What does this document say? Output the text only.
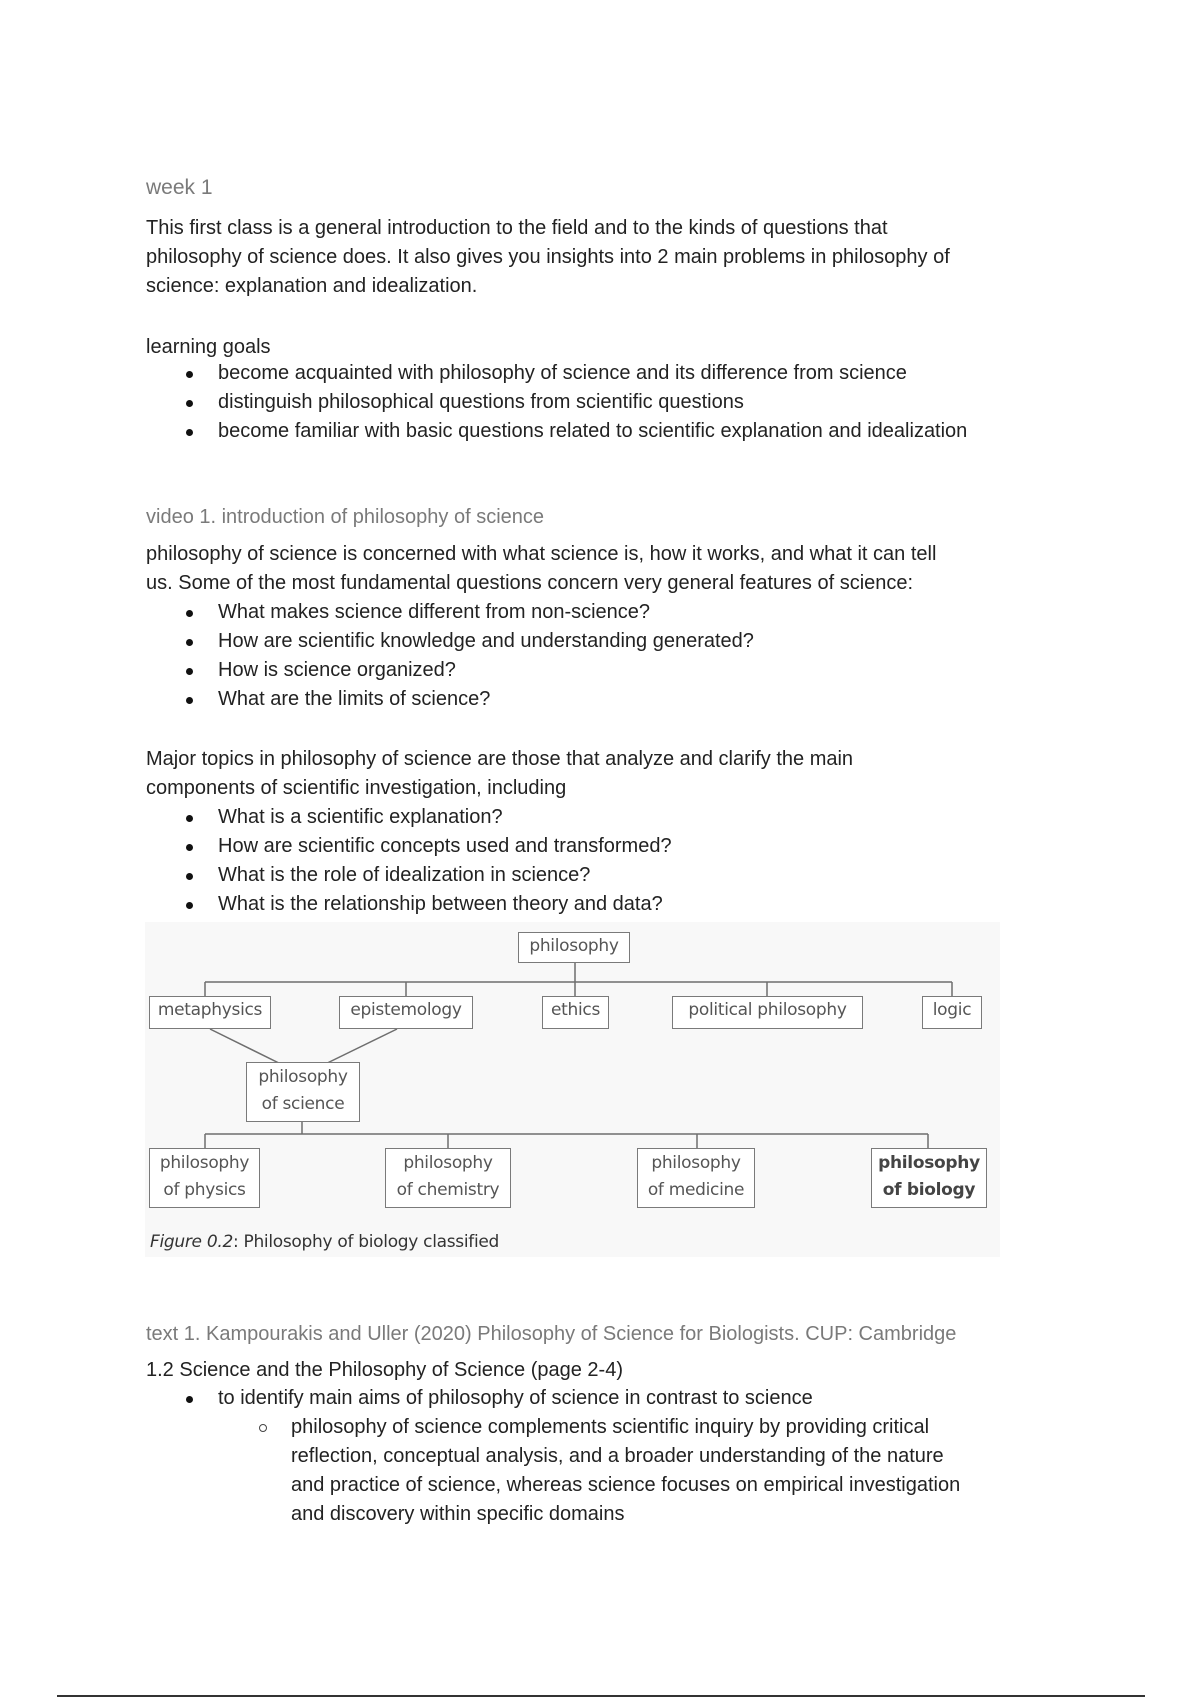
week 1
This first class is a general introduction to the field and to the kinds of questions that
philosophy of science does. It also gives you insights into 2 main problems in philosophy of
science: explanation and idealization.
learning goals
become acquainted with philosophy of science and its difference from science
distinguish philosophical questions from scientific questions
become familiar with basic questions related to scientific explanation and idealization
video 1. introduction of philosophy of science
philosophy of science is concerned with what science is, how it works, and what it can tell
us. Some of the most fundamental questions concern very general features of science:
What makes science different from non-science?
How are scientific knowledge and understanding generated?
How is science organized?
What are the limits of science?
Major topics in philosophy of science are those that analyze and clarify the main
components of scientific investigation, including
What is a scientific explanation?
How are scientific concepts used and transformed?
What is the role of idealization in science?
What is the relationship between theory and data?
philosophy
metaphysics	epistemology	ethics	political philosophy	logic
philosophy
of science
philosophy
of physics
philosophy
of chemistry
philosophy
of medicine
philosophy
of biology
Figure 0.2: Philosophy of biology classified
text 1. Kampourakis and Uller (2020) Philosophy of Science for Biologists. CUP: Cambridge
1.2 Science and the Philosophy of Science (page 2-4)
to identify main aims of philosophy of science in contrast to science
philosophy of science complements scientific inquiry by providing critical
reflection, conceptual analysis, and a broader understanding of the nature
and practice of science, whereas science focuses on empirical investigation
and discovery within specific domains
